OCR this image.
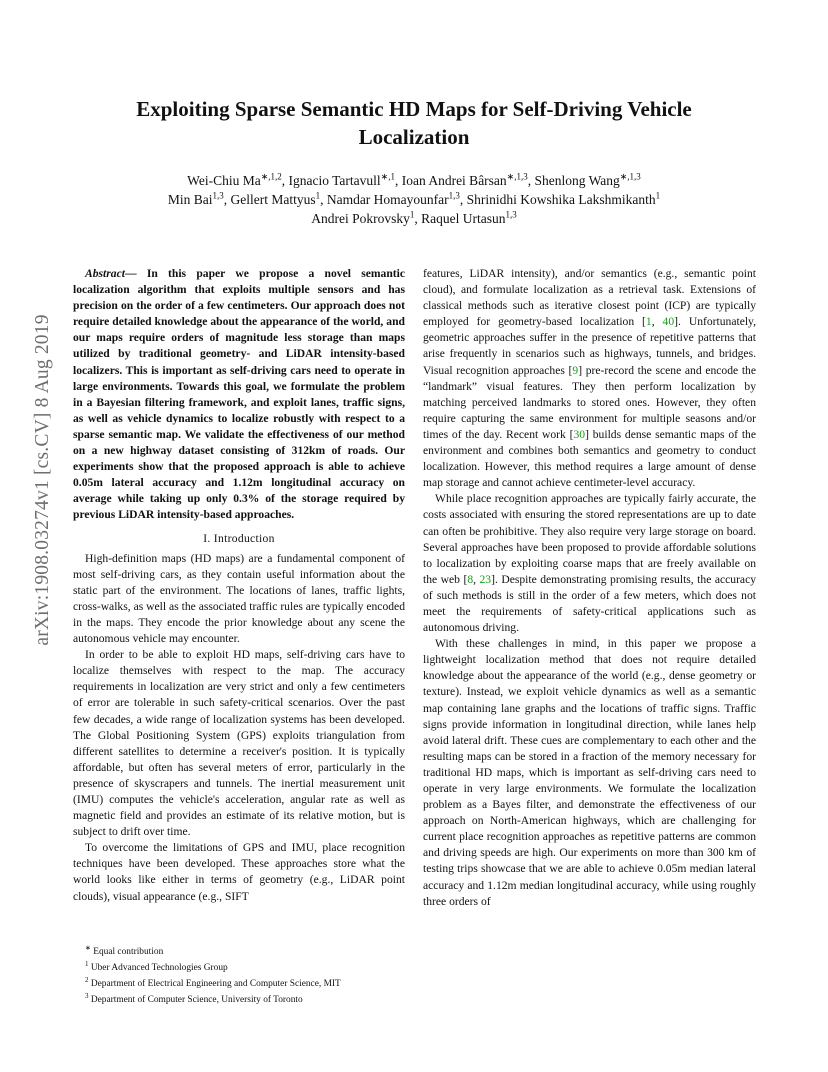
arXiv:1908.03274v1 [cs.CV] 8 Aug 2019
Exploiting Sparse Semantic HD Maps for Self-Driving Vehicle Localization
Wei-Chiu $Ma^{∗,1,2}$, Ignacio Tartavull$^{∗,1}$, Ioan Andrei Bârsan$^{∗,1,3}$, Shenlong Wang$^{∗,1,3}$
Min Bai$^{1,3}$, Gellert Mattyus$^1$, Namdar Homayounfar$^{1,3}$, Shrinidhi Kowshika Lakshmikanth$^1$
Andrei Pokrovsky$^1$, Raquel Urtasun$^{1,3}$

Abstract— In this paper we propose a novel semantic localization algorithm that exploits multiple sensors and has precision on the order of a few centimeters. Our approach does not require detailed knowledge about the appearance of the world, and our maps require orders of magnitude less storage than maps utilized by traditional geometry- and LiDAR intensity-based localizers. This is important as self-driving cars need to operate in large environments. Towards this goal, we formulate the problem in a Bayesian filtering framework, and exploit lanes, traffic signs, as well as vehicle dynamics to localize robustly with respect to a sparse semantic map. We validate the effectiveness of our method on a new highway dataset consisting of 312km of roads. Our experiments show that the proposed approach is able to achieve 0.05m lateral accuracy and 1.12m longitudinal accuracy on average while taking up only 0.3% of the storage required by previous LiDAR intensity-based approaches.

I. Introduction

High-definition maps (HD maps) are a fundamental component of most self-driving cars, as they contain useful information about the static part of the environment. The locations of lanes, traffic lights, cross-walks, as well as the associated traffic rules are typically encoded in the maps. They encode the prior knowledge about any scene the autonomous vehicle may encounter.

In order to be able to exploit HD maps, self-driving cars have to localize themselves with respect to the map. The accuracy requirements in localization are very strict and only a few centimeters of error are tolerable in such safety-critical scenarios. Over the past few decades, a wide range of localization systems has been developed. The Global Positioning System (GPS) exploits triangulation from different satellites to determine a receiver's position. It is typically affordable, but often has several meters of error, particularly in the presence of skyscrapers and tunnels. The inertial measurement unit (IMU) computes the vehicle's acceleration, angular rate as well as magnetic field and provides an estimate of its relative motion, but is subject to drift over time.

To overcome the limitations of GPS and IMU, place recognition techniques have been developed. These approaches store what the world looks like either in terms of geometry (e.g., LiDAR point clouds), visual appearance (e.g., SIFT

features, LiDAR intensity), and/or semantics (e.g., semantic point cloud), and formulate localization as a retrieval task. Extensions of classical methods such as iterative closest point (ICP) are typically employed for geometry-based localization [1, 40]. Unfortunately, geometric approaches suffer in the presence of repetitive patterns that arise frequently in scenarios such as highways, tunnels, and bridges. Visual recognition approaches [9] pre-record the scene and encode the “landmark” visual features. They then perform localization by matching perceived landmarks to stored ones. However, they often require capturing the same environment for multiple seasons and/or times of the day. Recent work [30] builds dense semantic maps of the environment and combines both semantics and geometry to conduct localization. However, this method requires a large amount of dense map storage and cannot achieve centimeter-level accuracy.

While place recognition approaches are typically fairly accurate, the costs associated with ensuring the stored representations are up to date can often be prohibitive. They also require very large storage on board. Several approaches have been proposed to provide affordable solutions to localization by exploiting coarse maps that are freely available on the web [8, 23]. Despite demonstrating promising results, the accuracy of such methods is still in the order of a few meters, which does not meet the requirements of safety-critical applications such as autonomous driving.

With these challenges in mind, in this paper we propose a lightweight localization method that does not require detailed knowledge about the appearance of the world (e.g., dense geometry or texture). Instead, we exploit vehicle dynamics as well as a semantic map containing lane graphs and the locations of traffic signs. Traffic signs provide information in longitudinal direction, while lanes help avoid lateral drift. These cues are complementary to each other and the resulting maps can be stored in a fraction of the memory necessary for traditional HD maps, which is important as self-driving cars need to operate in very large environments. We formulate the localization problem as a Bayes filter, and demonstrate the effectiveness of our approach on North-American highways, which are challenging for current place recognition approaches as repetitive patterns are common and driving speeds are high. Our experiments on more than 300 km of testing trips showcase that we are able to achieve 0.05m median lateral accuracy and 1.12m median longitudinal accuracy, while using roughly three orders of

∗ Equal contribution
$^1$ Uber Advanced Technologies Group
$^2$ Department of Electrical Engineering and Computer Science, MIT
$^3$ Department of Computer Science, University of Toronto
